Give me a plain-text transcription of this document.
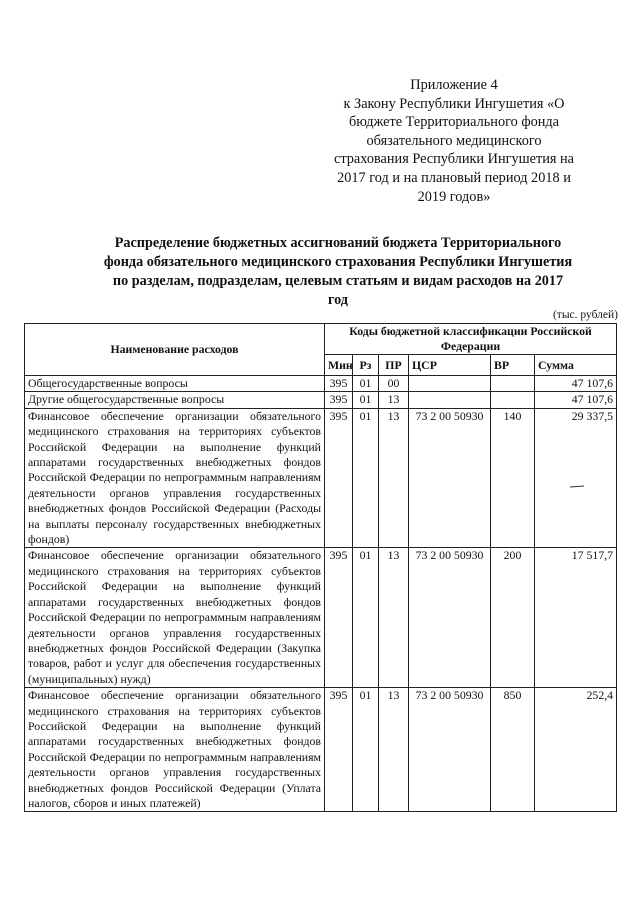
Приложение 4
к Закону Республики Ингушетия «О
бюджете Территориального фонда
обязательного медицинского
страхования Республики Ингушетия на
2017 год и на плановый период 2018 и
2019 годов»
Распределение бюджетных ассигнований бюджета Территориального
фонда обязательного медицинского страхования Республики Ингушетия
по разделам, подразделам, целевым статьям и видам расходов на 2017
год
(тыс. рублей)
Наименование расходов	Коды бюджетной классификации Российской Федерации					
	Мин	Рз	ПР	ЦСР	ВР	Сумма
Общегосударственные вопросы	395	01	00			47 107,6
Другие общегосударственные вопросы	395	01	13			47 107,6
Финансовое обеспечение организации обязательного медицинского страхования на территориях субъектов Российской Федерации на выполнение функций аппаратами государственных внебюджетных фондов Российской Федерации по непрограммным направлениям деятельности органов управления государственных внебюджетных фондов Российской Федерации (Расходы на выплаты персоналу государственных внебюджетных фондов)	395	01	13	73 2 00 50930	140	29 337,5
Финансовое обеспечение организации обязательного медицинского страхования на территориях субъектов Российской Федерации на выполнение функций аппаратами государственных внебюджетных фондов Российской Федерации по непрограммным направлениям деятельности органов управления государственных внебюджетных фондов Российской Федерации (Закупка товаров, работ и услуг для обеспечения государственных (муниципальных) нужд)	395	01	13	73 2 00 50930	200	17 517,7
Финансовое обеспечение организации обязательного медицинского страхования на территориях субъектов Российской Федерации на выполнение функций аппаратами государственных внебюджетных фондов Российской Федерации по непрограммным направлениям деятельности органов управления государственных внебюджетных фондов Российской Федерации (Уплата налогов, сборов и иных платежей)	395	01	13	73 2 00 50930	850	252,4
